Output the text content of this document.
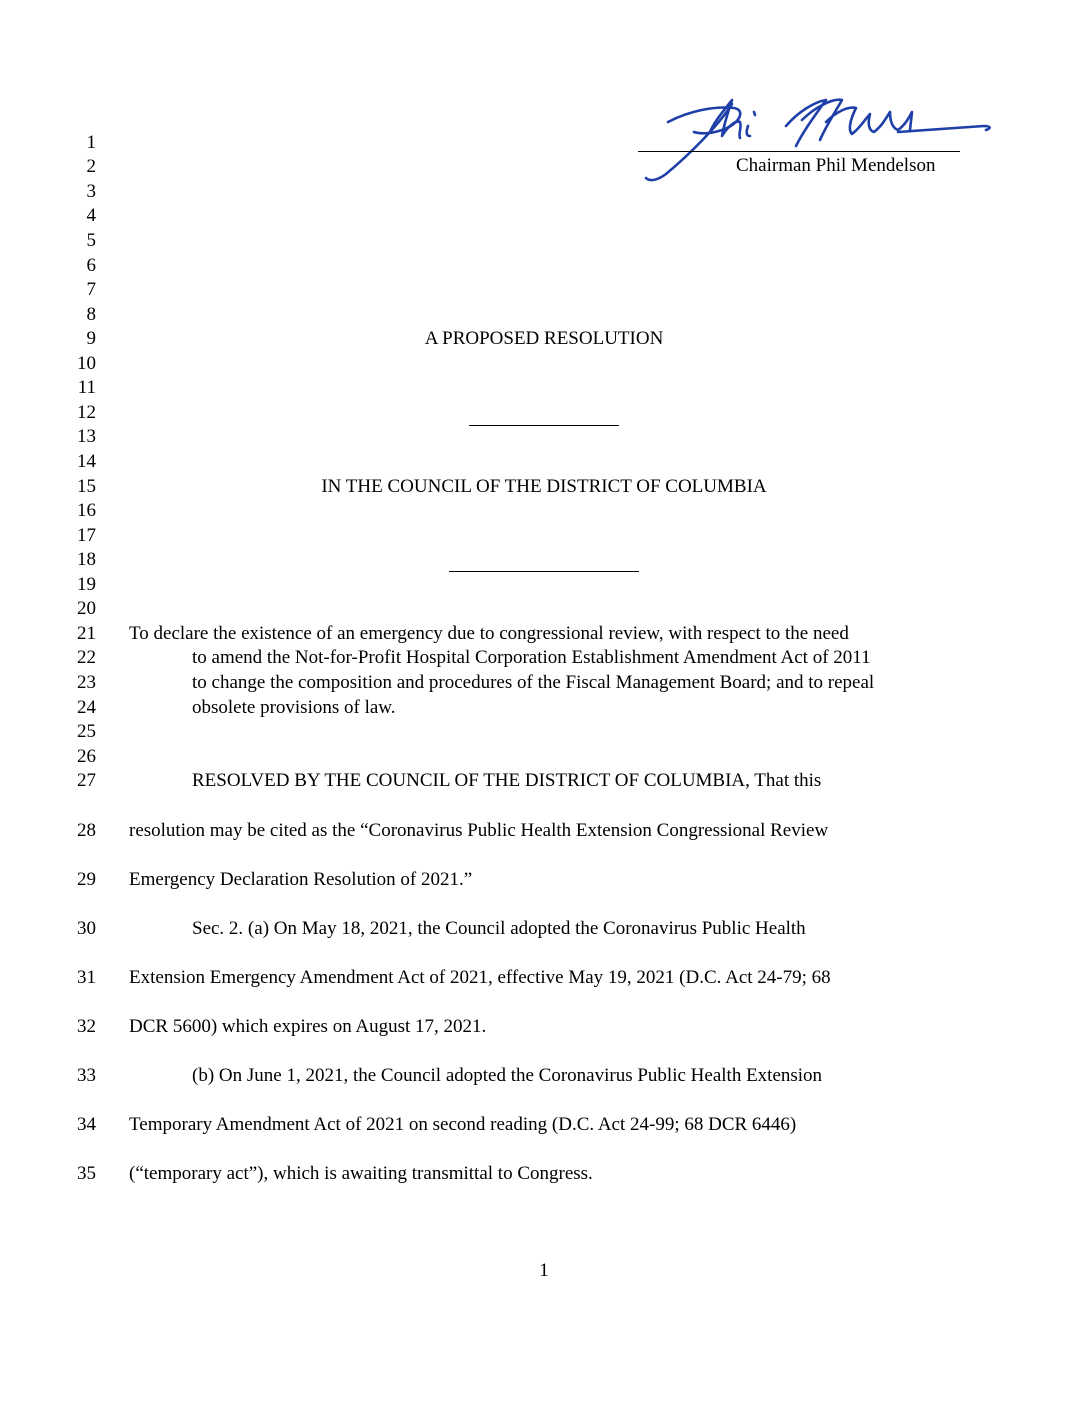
1
2
3
4
5
6
7
8
9
10
11
12
13
14
15
16
17
18
19
20
21
22
23
24
25
26
27
28
29
30
31
32
33
34
35
Chairman Phil Mendelson
A PROPOSED RESOLUTION
IN THE COUNCIL OF THE DISTRICT OF COLUMBIA
To declare the existence of an emergency due to congressional review, with respect to the need
to amend the Not-for-Profit Hospital Corporation Establishment Amendment Act of 2011
to change the composition and procedures of the Fiscal Management Board; and to repeal
obsolete provisions of law.
RESOLVED BY THE COUNCIL OF THE DISTRICT OF COLUMBIA, That this
resolution may be cited as the “Coronavirus Public Health Extension Congressional Review
Emergency Declaration Resolution of 2021.”
Sec. 2. (a) On May 18, 2021, the Council adopted the Coronavirus Public Health
Extension Emergency Amendment Act of 2021, effective May 19, 2021 (D.C. Act 24-79; 68
DCR 5600) which expires on August 17, 2021.
(b) On June 1, 2021, the Council adopted the Coronavirus Public Health Extension
Temporary Amendment Act of 2021 on second reading (D.C. Act 24-99; 68 DCR 6446)
(“temporary act”), which is awaiting transmittal to Congress.
1
